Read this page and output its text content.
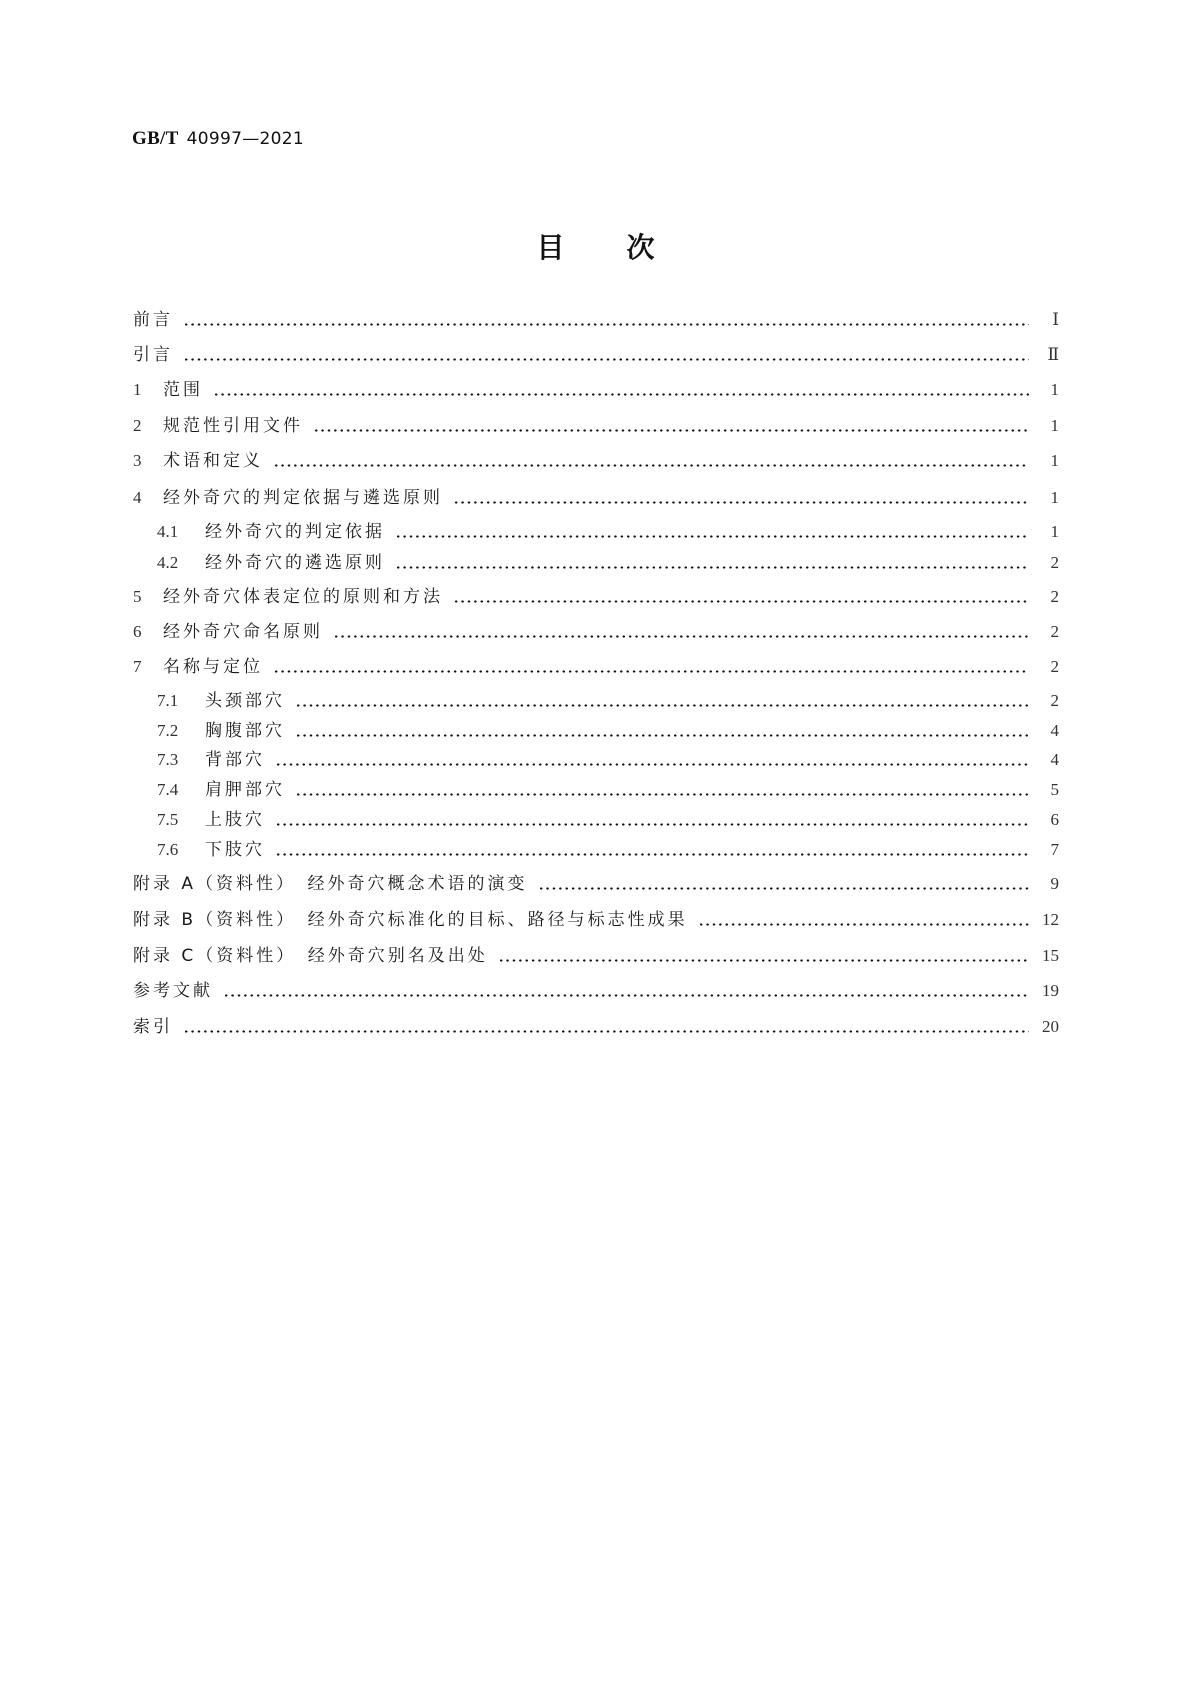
GB/T 40997—2021
目 次
前言	Ⅰ
引言	Ⅱ
1	范围	1
2	规范性引用文件	1
3	术语和定义	1
4	经外奇穴的判定依据与遴选原则	1
4.1	经外奇穴的判定依据	1
4.2	经外奇穴的遴选原则	2
5	经外奇穴体表定位的原则和方法	2
6	经外奇穴命名原则	2
7	名称与定位	2
7.1	头颈部穴	2
7.2	胸腹部穴	4
7.3	背部穴	4
7.4	肩胛部穴	5
7.5	上肢穴	6
7.6	下肢穴	7
附录 A（资料性）　经外奇穴概念术语的演变	9
附录 B（资料性）　经外奇穴标准化的目标、路径与标志性成果	12
附录 C（资料性）　经外奇穴别名及出处	15
参考文献	19
索引	20
